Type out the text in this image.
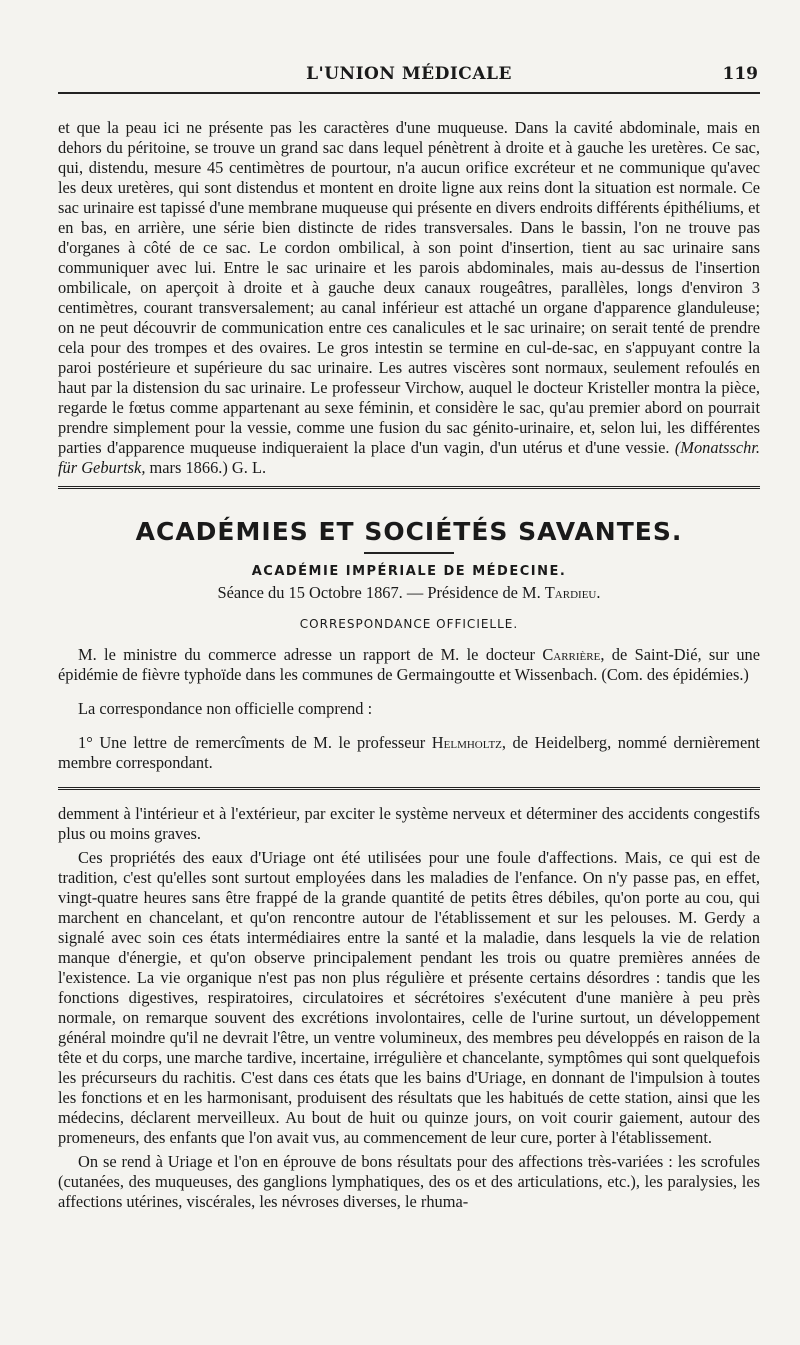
L'UNION MÉDICALE	119

et que la peau ici ne présente pas les caractères d'une muqueuse. Dans la cavité abdominale, mais en dehors du péritoine, se trouve un grand sac dans lequel pénètrent à droite et à gauche les uretères. Ce sac, qui, distendu, mesure 45 centimètres de pourtour, n'a aucun orifice excréteur et ne communique qu'avec les deux uretères, qui sont distendus et montent en droite ligne aux reins dont la situation est normale. Ce sac urinaire est tapissé d'une membrane muqueuse qui présente en divers endroits différents épithéliums, et en bas, en arrière, une série bien distincte de rides transversales. Dans le bassin, l'on ne trouve pas d'organes à côté de ce sac. Le cordon ombilical, à son point d'insertion, tient au sac urinaire sans communiquer avec lui. Entre le sac urinaire et les parois abdominales, mais au-dessus de l'insertion ombilicale, on aperçoit à droite et à gauche deux canaux rougeâtres, parallèles, longs d'environ 3 centimètres, courant transversalement; au canal inférieur est attaché un organe d'apparence glanduleuse; on ne peut découvrir de communication entre ces canalicules et le sac urinaire; on serait tenté de prendre cela pour des trompes et des ovaires. Le gros intestin se termine en cul-de-sac, en s'appuyant contre la paroi postérieure et supérieure du sac urinaire. Les autres viscères sont normaux, seulement refoulés en haut par la distension du sac urinaire. Le professeur Virchow, auquel le docteur Kristeller montra la pièce, regarde le fœtus comme appartenant au sexe féminin, et considère le sac, qu'au premier abord on pourrait prendre simplement pour la vessie, comme une fusion du sac génito-urinaire, et, selon lui, les différentes parties d'apparence muqueuse indiqueraient la place d'un vagin, d'un utérus et d'une vessie. (Monatsschr. für Geburtsk, mars 1866.) G. L.

ACADÉMIES ET SOCIÉTÉS SAVANTES.
ACADÉMIE IMPÉRIALE DE MÉDECINE.
Séance du 15 Octobre 1867. — Présidence de M. Tardieu.
CORRESPONDANCE OFFICIELLE.

M. le ministre du commerce adresse un rapport de M. le docteur Carrière, de Saint-Dié, sur une épidémie de fièvre typhoïde dans les communes de Germaingoutte et Wissenbach. (Com. des épidémies.)

La correspondance non officielle comprend :

1° Une lettre de remercîments de M. le professeur Helmholtz, de Heidelberg, nommé dernièrement membre correspondant.

demment à l'intérieur et à l'extérieur, par exciter le système nerveux et déterminer des accidents congestifs plus ou moins graves.

Ces propriétés des eaux d'Uriage ont été utilisées pour une foule d'affections. Mais, ce qui est de tradition, c'est qu'elles sont surtout employées dans les maladies de l'enfance. On n'y passe pas, en effet, vingt-quatre heures sans être frappé de la grande quantité de petits êtres débiles, qu'on porte au cou, qui marchent en chancelant, et qu'on rencontre autour de l'établissement et sur les pelouses. M. Gerdy a signalé avec soin ces états intermédiaires entre la santé et la maladie, dans lesquels la vie de relation manque d'énergie, et qu'on observe principalement pendant les trois ou quatre premières années de l'existence. La vie organique n'est pas non plus régulière et présente certains désordres : tandis que les fonctions digestives, respiratoires, circulatoires et sécrétoires s'exécutent d'une manière à peu près normale, on remarque souvent des excrétions involontaires, celle de l'urine surtout, un développement général moindre qu'il ne devrait l'être, un ventre volumineux, des membres peu développés en raison de la tête et du corps, une marche tardive, incertaine, irrégulière et chancelante, symptômes qui sont quelquefois les précurseurs du rachitis. C'est dans ces états que les bains d'Uriage, en donnant de l'impulsion à toutes les fonctions et en les harmonisant, produisent des résultats que les habitués de cette station, ainsi que les médecins, déclarent merveilleux. Au bout de huit ou quinze jours, on voit courir gaiement, autour des promeneurs, des enfants que l'on avait vus, au commencement de leur cure, porter à l'établissement.

On se rend à Uriage et l'on en éprouve de bons résultats pour des affections très-variées : les scrofules (cutanées, des muqueuses, des ganglions lymphatiques, des os et des articulations, etc.), les paralysies, les affections utérines, viscérales, les névroses diverses, le rhuma-
